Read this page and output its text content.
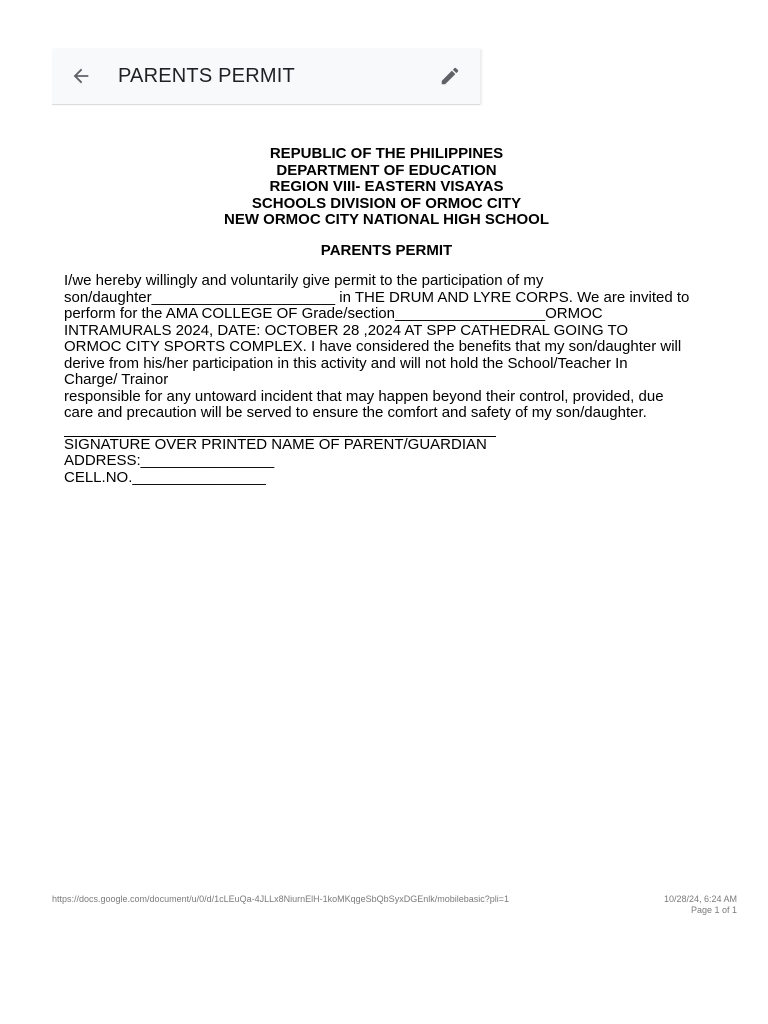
PARENTS PERMIT
REPUBLIC OF THE PHILIPPINES
DEPARTMENT OF EDUCATION
REGION VIII- EASTERN VISAYAS
SCHOOLS DIVISION OF ORMOC CITY
NEW ORMOC CITY NATIONAL HIGH SCHOOL
PARENTS PERMIT
I/we hereby willingly and voluntarily give permit to the participation of my
son/daughter______________________ in THE DRUM AND LYRE CORPS. We are invited to
perform for the AMA COLLEGE OF Grade/section__________________ORMOC
INTRAMURALS 2024, DATE: OCTOBER 28 ,2024 AT SPP CATHEDRAL GOING TO
ORMOC CITY SPORTS COMPLEX. I have considered the benefits that my son/daughter will
derive from his/her participation in this activity and will not hold the School/Teacher In
Charge/ Trainor
responsible for any untoward incident that may happen beyond their control, provided, due
care and precaution will be served to ensure the comfort and safety of my son/daughter.
SIGNATURE OVER PRINTED NAME OF PARENT/GUARDIAN
ADDRESS:________________
CELL.NO.________________
https://docs.google.com/document/u/0/d/1cLEuQa-4JLLx8NiurnElH-1koMKqgeSbQbSyxDGEnlk/mobilebasic?pli=1	10/28/24, 6:24 AM
Page 1 of 1
